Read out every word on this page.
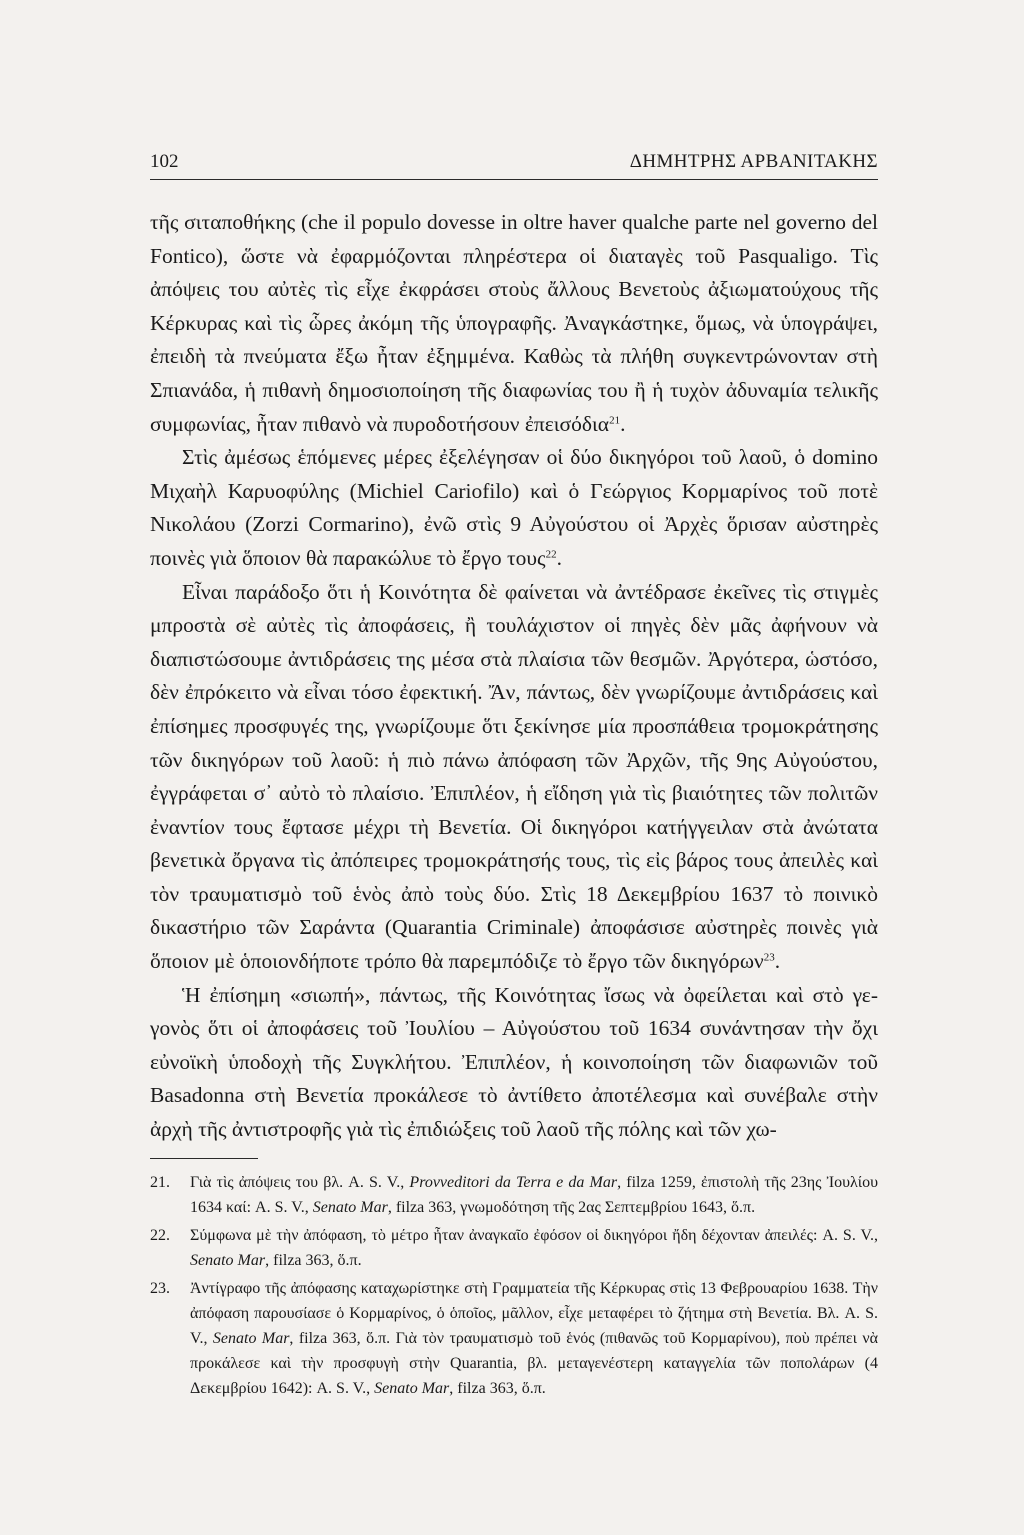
102	ΔΗΜΗΤΡΗΣ ΑΡΒΑΝΙΤΑΚΗΣ

τῆς σιταποθήκης (che il populo dovesse in oltre haver qualche parte nel governo del Fontico), ὥστε νὰ ἐφαρμόζονται πληρέστερα οἱ διαταγὲς τοῦ Pasqualigo. Τὶς ἀπόψεις του αὐτὲς τὶς εἶχε ἐκφράσει στοὺς ἄλλους Βενετοὺς ἀξιωματούχους τῆς Κέρκυρας καὶ τὶς ὧρες ἀκόμη τῆς ὑπογραφῆς. Ἀναγκάστηκε, ὅμως, νὰ ὑπογράψει, ἐπειδὴ τὰ πνεύματα ἔξω ἦταν ἐξημμένα. Καθὼς τὰ πλήθη συγκεντρώνονταν στὴ Σπιανάδα, ἡ πιθανὴ δημοσιοποίηση τῆς διαφωνίας του ἢ ἡ τυχὸν ἀδυναμία τελικῆς συμφωνίας, ἦταν πιθανὸ νὰ πυροδοτήσουν ἐπεισόδια$^{21}$.

Στὶς ἀμέσως ἑπόμενες μέρες ἐξελέγησαν οἱ δύο δικηγόροι τοῦ λαοῦ, ὁ domino Μιχαὴλ Καρυοφύλης (Michiel Cariofilo) καὶ ὁ Γεώργιος Κορμαρίνος τοῦ ποτὲ Νικολάου (Zorzi Cormarino), ἐνῶ στὶς 9 Αὐγούστου οἱ Ἀρχὲς ὅρισαν αὐστηρὲς ποινὲς γιὰ ὅποιον θὰ παρακώλυε τὸ ἔργο τους$^{22}$.

Εἶναι παράδοξο ὅτι ἡ Κοινότητα δὲ φαίνεται νὰ ἀντέδρασε ἐκεῖνες τὶς στιγμὲς μπροστὰ σὲ αὐτὲς τὶς ἀποφάσεις, ἢ τουλάχιστον οἱ πηγὲς δὲν μᾶς ἀφήνουν νὰ διαπιστώσουμε ἀντιδράσεις της μέσα στὰ πλαίσια τῶν θεσμῶν. Ἀργότερα, ὡστόσο, δὲν ἐπρόκειτο νὰ εἶναι τόσο ἐφεκτική. Ἄν, πάντως, δὲν γνωρίζουμε ἀντιδράσεις καὶ ἐπίσημες προσφυγές της, γνωρίζουμε ὅτι ξεκίνησε μία προσπάθεια τρομοκράτησης τῶν δικηγόρων τοῦ λαοῦ: ἡ πιὸ πάνω ἀπόφαση τῶν Ἀρχῶν, τῆς 9ης Αὐγούστου, ἐγγράφεται σ᾽ αὐτὸ τὸ πλαίσιο. Ἐπιπλέον, ἡ εἴδηση γιὰ τὶς βιαιότητες τῶν πολιτῶν ἐναντίον τους ἔφτασε μέχρι τὴ Βενετία. Οἱ δικηγόροι κατήγγειλαν στὰ ἀνώτατα βενετικὰ ὄργανα τὶς ἀπόπειρες τρομοκράτησής τους, τὶς εἰς βάρος τους ἀπειλὲς καὶ τὸν τραυματισμὸ τοῦ ἑνὸς ἀπὸ τοὺς δύο. Στὶς 18 Δεκεμβρίου 1637 τὸ ποινικὸ δικαστήριο τῶν Σαράντα (Quarantia Criminale) ἀποφάσισε αὐστηρὲς ποινὲς γιὰ ὅποιον μὲ ὁποιονδήποτε τρόπο θὰ παρεμπόδιζε τὸ ἔργο τῶν δικηγόρων$^{23}$.

Ἡ ἐπίσημη «σιωπή», πάντως, τῆς Κοινότητας ἴσως νὰ ὀφείλεται καὶ στὸ γεγονὸς ὅτι οἱ ἀποφάσεις τοῦ Ἰουλίου – Αὐγούστου τοῦ 1634 συνάντησαν τὴν ὄχι εὐνοϊκὴ ὑποδοχὴ τῆς Συγκλήτου. Ἐπιπλέον, ἡ κοινοποίηση τῶν διαφωνιῶν τοῦ Basadonna στὴ Βενετία προκάλεσε τὸ ἀντίθετο ἀποτέλεσμα καὶ συνέβαλε στὴν ἀρχὴ τῆς ἀντιστροφῆς γιὰ τὶς ἐπιδιώξεις τοῦ λαοῦ τῆς πόλης καὶ τῶν χω-

21.	Γιὰ τὶς ἀπόψεις του βλ. A. S. V., Provveditori da Terra e da Mar, filza 1259, ἐπιστολὴ τῆς 23ης Ἰουλίου 1634 καί: A. S. V., Senato Mar, filza 363, γνωμοδότηση τῆς 2ας Σεπτεμβρίου 1643, ὅ.π.
22.	Σύμφωνα μὲ τὴν ἀπόφαση, τὸ μέτρο ἦταν ἀναγκαῖο ἐφόσον οἱ δικηγόροι ἤδη δέχονταν ἀπειλές: A. S. V., Senato Mar, filza 363, ὅ.π.
23.	Ἀντίγραφο τῆς ἀπόφασης καταχωρίστηκε στὴ Γραμματεία τῆς Κέρκυρας στὶς 13 Φεβρουαρίου 1638. Τὴν ἀπόφαση παρουσίασε ὁ Κορμαρίνος, ὁ ὁποῖος, μᾶλλον, εἶχε μεταφέρει τὸ ζήτημα στὴ Βενετία. Βλ. A. S. V., Senato Mar, filza 363, ὅ.π. Γιὰ τὸν τραυματισμὸ τοῦ ἑνός (πιθανῶς τοῦ Κορμαρίνου), ποὺ πρέπει νὰ προκάλεσε καὶ τὴν προσφυγὴ στὴν Quarantia, βλ. μεταγενέστερη καταγγελία τῶν ποπολάρων (4 Δεκεμβρίου 1642): A. S. V., Senato Mar, filza 363, ὅ.π.
